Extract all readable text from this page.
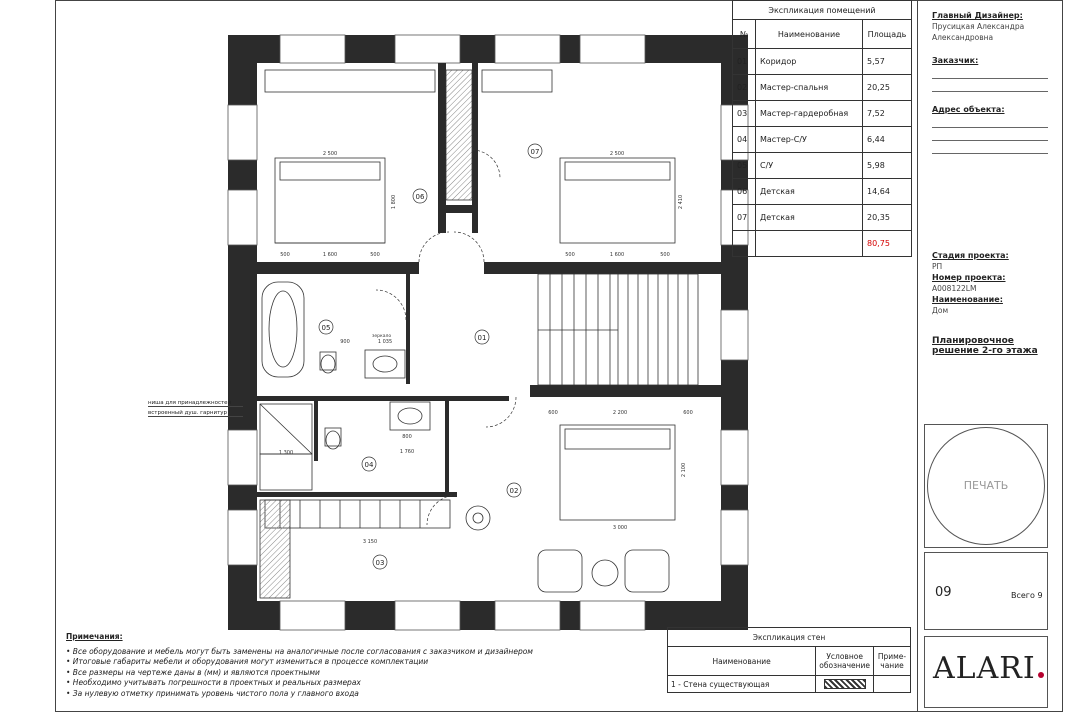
06
07
05
01
04
02
03
2 500
1 600
500	500
2 500
1 600
500	500
1 800	2 410
2 200
600	600
3 000
2 100
3 150
1 300
900
800
1 760
1 035
зеркало
ниша для принадлежностей
встроенный душ. гарнитур
Экспликация помещений		
№	Наименование	Площадь
01	Коридор	5,57
02	Мастер-спальня	20,25
03	Мастер-гардеробная	7,52
04	Мастер-С/У	6,44
05	С/У	5,98
06	Детская	14,64
07	Детская	20,35
		80,75
Главный Дизайнер:
Прусицкая Александра Александровна
Заказчик:
Адрес объекта:
Стадия проекта:
РП
Номер проекта:
A008122LM
Наименование:
Дом
Планировочное решение 2-го этажа
ПЕЧАТЬ
09	Всего 9
ALARI
Примечания:
• Все оборудование и мебель могут быть заменены на аналогичные после согласования с заказчиком и дизайнером
• Итоговые габариты мебели и оборудования могут измениться в процессе комплектации
• Все размеры на чертеже даны в (мм) и являются проектными
• Необходимо учитывать погрешности в проектных и реальных размерах
• За нулевую отметку принимать уровень чистого пола у главного входа
Экспликация стен		
Наименование	Условное обозначение	Приме-чание
1 - Стена существующая	
